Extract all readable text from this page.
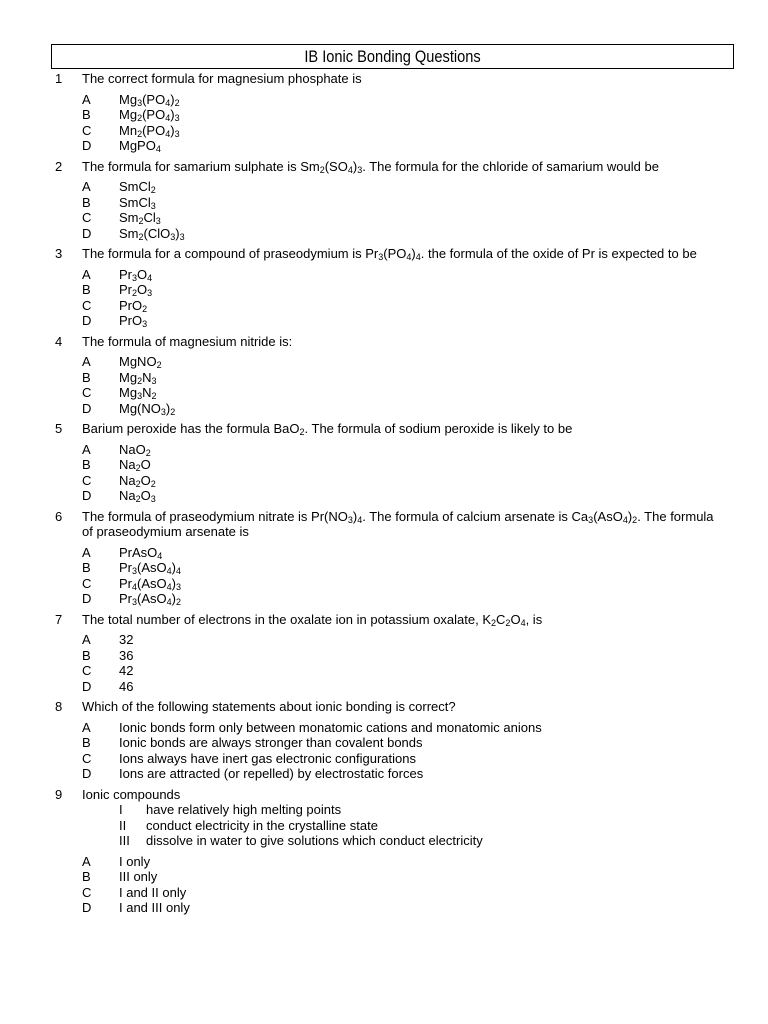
IB Ionic Bonding Questions
1 The correct formula for magnesium phosphate is
A $Mg_3(PO_4)_2$
B $Mg_2(PO_4)_3$
C $Mn_2(PO_4)_3$
D MgPO$_4$
2 The formula for samarium sulphate is $Sm_2(SO_4)_3$. The formula for the chloride of samarium would be
A SmCl$_2$
B SmCl$_3$
C $Sm_2Cl_3$
D $Sm_2(ClO_3)_3$
3 The formula for a compound of praseodymium is $Pr_3(PO_4)_4$. the formula of the oxide of Pr is expected to be
A $Pr_3O_4$
B $Pr_2O_3$
C PrO$_2$
D PrO$_3$
4 The formula of magnesium nitride is:
A MgNO$_2$
B $Mg_2N_3$
C $Mg_3N_2$
D $Mg(NO_3)_2$
5 Barium peroxide has the formula BaO$_2$. The formula of sodium peroxide is likely to be
A NaO$_2$
B $Na_2O$
C $Na_2O_2$
D $Na_2O_3$
6 The formula of praseodymium nitrate is $Pr(NO_3)_4$. The formula of calcium arsenate is $Ca_3(AsO_4)_2$. The formula of praseodymium arsenate is
A PrAsO$_4$
B $Pr_3(AsO_4)_4$
C $Pr_4(AsO_4)_3$
D $Pr_3(AsO_4)_2$
7 The total number of electrons in the oxalate ion in potassium oxalate, $K_2C_2O_4$, is
A 32
B 36
C 42
D 46
8 Which of the following statements about ionic bonding is correct?
A Ionic bonds form only between monatomic cations and monatomic anions
B Ionic bonds are always stronger than covalent bonds
C Ions always have inert gas electronic configurations
D Ions are attracted (or repelled) by electrostatic forces
9 Ionic compounds
I have relatively high melting points
II conduct electricity in the crystalline state
III dissolve in water to give solutions which conduct electricity
A I only
B III only
C I and II only
D I and III only
